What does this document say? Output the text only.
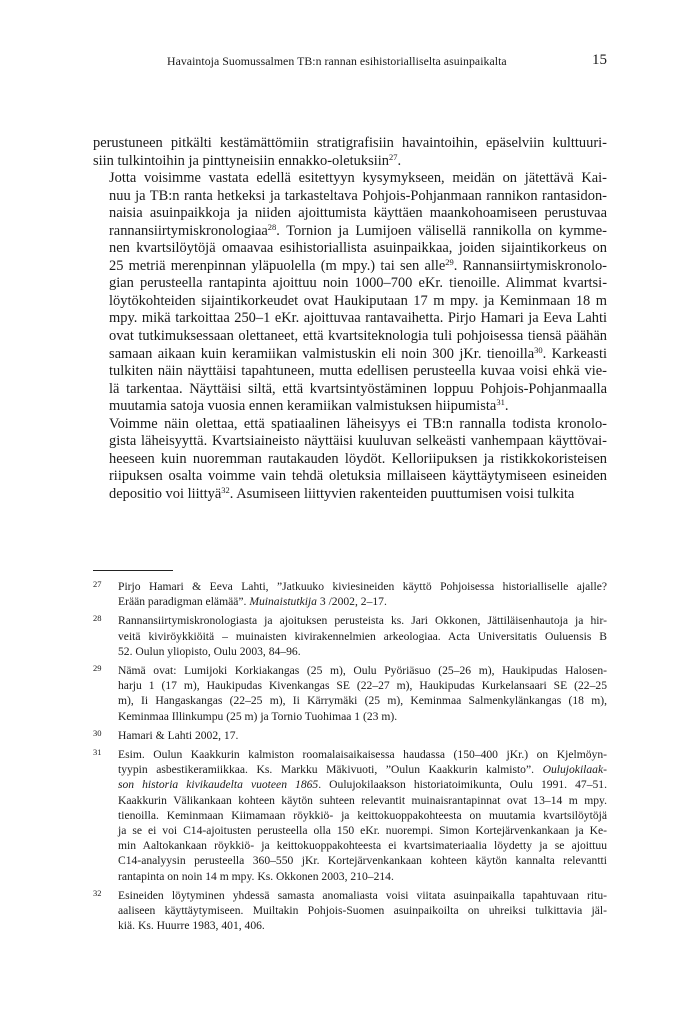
Havaintoja Suomussalmen TB:n rannan esihistorialliselta asuinpaikalta	15

perustuneen pitkälti kestämättömiin stratigrafisiin havaintoihin, epäselviin kulttuuri-
siin tulkintoihin ja pinttyneisiin ennakko-oletuksiin$^{27}$.

Jotta voisimme vastata edellä esitettyyn kysymykseen, meidän on jätettävä Kai-
nuu ja TB:n ranta hetkeksi ja tarkasteltava Pohjois-Pohjanmaan rannikon rantasidon-
naisia asuinpaikkoja ja niiden ajoittumista käyttäen maankohoamiseen perustuvaa
rannansiirtymiskronologiaa$^{28}$. Tornion ja Lumijoen välisellä rannikolla on kymme-
nen kvartsilöytöjä omaavaa esihistoriallista asuinpaikkaa, joiden sijaintikorkeus on
25 metriä merenpinnan yläpuolella (m mpy.) tai sen alle$^{29}$. Rannansiirtymiskronolo-
gian perusteella rantapinta ajoittuu noin 1000–700 eKr. tienoille. Alimmat kvartsi-
löytökohteiden sijaintikorkeudet ovat Haukiputaan 17 m mpy. ja Keminmaan 18 m
mpy. mikä tarkoittaa 250–1 eKr. ajoittuvaa rantavaihetta. Pirjo Hamari ja Eeva Lahti
ovat tutkimuksessaan olettaneet, että kvartsiteknologia tuli pohjoisessa tiensä päähän
samaan aikaan kuin keramiikan valmistuskin eli noin 300 jKr. tienoilla$^{30}$. Karkeasti
tulkiten näin näyttäisi tapahtuneen, mutta edellisen perusteella kuvaa voisi ehkä vie-
lä tarkentaa. Näyttäisi siltä, että kvartsintyöstäminen loppuu Pohjois-Pohjanmaalla
muutamia satoja vuosia ennen keramiikan valmistuksen hiipumista$^{31}$.

Voimme näin olettaa, että spatiaalinen läheisyys ei TB:n rannalla todista kronolo-
gista läheisyyttä. Kvartsiaineisto näyttäisi kuuluvan selkeästi vanhempaan käyttövai-
heeseen kuin nuoremman rautakauden löydöt. Kelloriipuksen ja ristikkokoristeisen
riipuksen osalta voimme vain tehdä oletuksia millaiseen käyttäytymiseen esineiden
depositio voi liittyä$^{32}$. Asumiseen liittyvien rakenteiden puuttumisen voisi tulkita

27 Pirjo Hamari & Eeva Lahti, ”Jatkuuko kiviesineiden käyttö Pohjoisessa historialliselle ajalle?
Erään paradigman elämää”. Muinaistutkija 3 /2002, 2–17.
28 Rannansiirtymiskronologiasta ja ajoituksen perusteista ks. Jari Okkonen, Jättiläisenhautoja ja hir-
veitä kiviröykkiöitä – muinaisten kivirakennelmien arkeologiaa. Acta Universitatis Ouluensis B
52. Oulun yliopisto, Oulu 2003, 84–96.
29 Nämä ovat: Lumijoki Korkiakangas (25 m), Oulu Pyöriäsuo (25–26 m), Haukipudas Halosen-
harju 1 (17 m), Haukipudas Kivenkangas SE (22–27 m), Haukipudas Kurkelansaari SE (22–25
m), Ii Hangaskangas (22–25 m), Ii Kärrymäki (25 m), Keminmaa Salmenkylänkangas (18 m),
Keminmaa Illinkumpu (25 m) ja Tornio Tuohimaa 1 (23 m).
30 Hamari & Lahti 2002, 17.
31 Esim. Oulun Kaakkurin kalmiston roomalaisaikaisessa haudassa (150–400 jKr.) on Kjelmöyn-
tyypin asbestikeramiikkaa. Ks. Markku Mäkivuoti, ”Oulun Kaakkurin kalmisto”. Oulujokilaak-
son historia kivikaudelta vuoteen 1865. Oulujokilaakson historiatoimikunta, Oulu 1991. 47–51.
Kaakkurin Välikankaan kohteen käytön suhteen relevantit muinaisrantapinnat ovat 13–14 m mpy.
tienoilla. Keminmaan Kiimamaan röykkiö- ja keittokuoppakohteesta on muutamia kvartsilöytöjä
ja se ei voi C14-ajoitusten perusteella olla 150 eKr. nuorempi. Simon Kortejärvenkankaan ja Ke-
min Aaltokankaan röykkiö- ja keittokuoppakohteesta ei kvartsimateriaalia löydetty ja se ajoittuu
C14-analyysin perusteella 360–550 jKr. Kortejärvenkankaan kohteen käytön kannalta relevantti
rantapinta on noin 14 m mpy. Ks. Okkonen 2003, 210–214.
32 Esineiden löytyminen yhdessä samasta anomaliasta voisi viitata asuinpaikalla tapahtuvaan ritu-
aaliseen käyttäytymiseen. Muiltakin Pohjois-Suomen asuinpaikoilta on uhreiksi tulkittavia jäl-
kiä. Ks. Huurre 1983, 401, 406.
